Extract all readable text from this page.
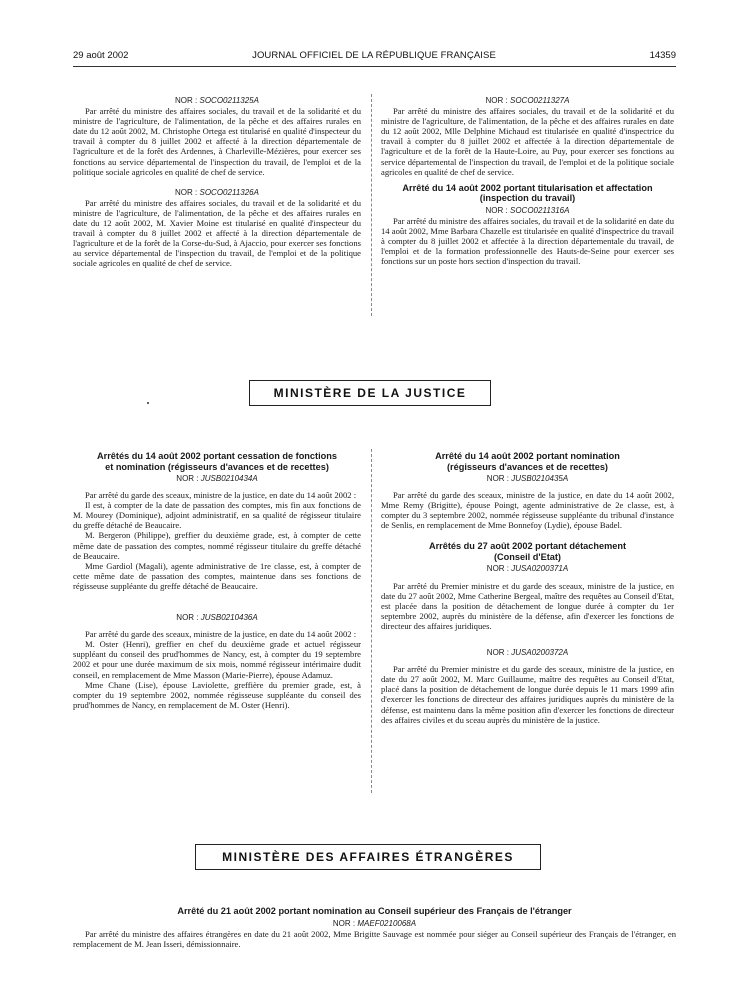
29 août 2002	JOURNAL OFFICIEL DE LA RÉPUBLIQUE FRANÇAISE	14359

NOR : SOCO0211325A

Par arrêté du ministre des affaires sociales, du travail et de la solidarité et du ministre de l'agriculture, de l'alimentation, de la pêche et des affaires rurales en date du 12 août 2002, M. Christophe Ortega est titularisé en qualité d'inspecteur du travail à compter du 8 juillet 2002 et affecté à la direction départementale de l'agriculture et de la forêt des Ardennes, à Charleville-Mézières, pour exercer ses fonctions au service départemental de l'inspection du travail, de l'emploi et de la politique sociale agricoles en qualité de chef de service.

NOR : SOCO0211326A

Par arrêté du ministre des affaires sociales, du travail et de la solidarité et du ministre de l'agriculture, de l'alimentation, de la pêche et des affaires rurales en date du 12 août 2002, M. Xavier Moine est titularisé en qualité d'inspecteur du travail à compter du 8 juillet 2002 et affecté à la direction départementale de l'agriculture et de la forêt de la Corse-du-Sud, à Ajaccio, pour exercer ses fonctions au service départemental de l'inspection du travail, de l'emploi et de la politique sociale agricoles en qualité de chef de service.

NOR : SOCO0211327A

Par arrêté du ministre des affaires sociales, du travail et de la solidarité et du ministre de l'agriculture, de l'alimentation, de la pêche et des affaires rurales en date du 12 août 2002, Mlle Delphine Michaud est titularisée en qualité d'inspectrice du travail à compter du 8 juillet 2002 et affectée à la direction départementale de l'agriculture et de la forêt de la Haute-Loire, au Puy, pour exercer ses fonctions au service départemental de l'inspection du travail, de l'emploi et de la politique sociale agricoles en qualité de chef de service.

Arrêté du 14 août 2002 portant titularisation et affectation
(inspection du travail)

NOR : SOCO0211316A

Par arrêté du ministre des affaires sociales, du travail et de la solidarité en date du 14 août 2002, Mme Barbara Chazelle est titularisée en qualité d'inspectrice du travail à compter du 8 juillet 2002 et affectée à la direction départementale du travail, de l'emploi et de la formation professionnelle des Hauts-de-Seine pour exercer ses fonctions sur un poste hors section d'inspection du travail.

MINISTÈRE DE LA JUSTICE
Arrêtés du 14 août 2002 portant cessation de fonctions
et nomination (régisseurs d'avances et de recettes)

NOR : JUSB0210434A

Par arrêté du garde des sceaux, ministre de la justice, en date du 14 août 2002 :

Il est, à compter de la date de passation des comptes, mis fin aux fonctions de M. Mourey (Dominique), adjoint administratif, en sa qualité de régisseur titulaire du greffe détaché de Beaucaire.

M. Bergeron (Philippe), greffier du deuxième grade, est, à compter de cette même date de passation des comptes, nommé régisseur titulaire du greffe détaché de Beaucaire.

Mme Gardiol (Magali), agente administrative de 1re classe, est, à compter de cette même date de passation des comptes, maintenue dans ses fonctions de régisseuse suppléante du greffe détaché de Beaucaire.

NOR : JUSB0210436A

Par arrêté du garde des sceaux, ministre de la justice, en date du 14 août 2002 :

M. Oster (Henri), greffier en chef du deuxième grade et actuel régisseur suppléant du conseil des prud'hommes de Nancy, est, à compter du 19 septembre 2002 et pour une durée maximum de six mois, nommé régisseur intérimaire dudit conseil, en remplacement de Mme Masson (Marie-Pierre), épouse Adamuz.

Mme Chane (Lise), épouse Laviolette, greffière du premier grade, est, à compter du 19 septembre 2002, nommée régisseuse suppléante du conseil des prud'hommes de Nancy, en remplacement de M. Oster (Henri).

Arrêté du 14 août 2002 portant nomination
(régisseurs d'avances et de recettes)

NOR : JUSB0210435A

Par arrêté du garde des sceaux, ministre de la justice, en date du 14 août 2002, Mme Remy (Brigitte), épouse Poingt, agente administrative de 2e classe, est, à compter du 3 septembre 2002, nommée régisseuse suppléante du tribunal d'instance de Senlis, en remplacement de Mme Bonnefoy (Lydie), épouse Badel.

Arrêtés du 27 août 2002 portant détachement
(Conseil d'Etat)

NOR : JUSA0200371A

Par arrêté du Premier ministre et du garde des sceaux, ministre de la justice, en date du 27 août 2002, Mme Catherine Bergeal, maître des requêtes au Conseil d'Etat, est placée dans la position de détachement de longue durée à compter du 1er septembre 2002, auprès du ministère de la défense, afin d'exercer les fonctions de directeur des affaires juridiques.

NOR : JUSA0200372A

Par arrêté du Premier ministre et du garde des sceaux, ministre de la justice, en date du 27 août 2002, M. Marc Guillaume, maître des requêtes au Conseil d'Etat, placé dans la position de détachement de longue durée depuis le 11 mars 1999 afin d'exercer les fonctions de directeur des affaires juridiques auprès du ministère de la défense, est maintenu dans la même position afin d'exercer les fonctions de directeur des affaires civiles et du sceau auprès du ministère de la justice.

MINISTÈRE DES AFFAIRES ÉTRANGÈRES
Arrêté du 21 août 2002 portant nomination au Conseil supérieur des Français de l'étranger

NOR : MAEF0210068A

Par arrêté du ministre des affaires étrangères en date du 21 août 2002, Mme Brigitte Sauvage est nommée pour siéger au Conseil supérieur des Français de l'étranger, en remplacement de M. Jean Isseri, démissionnaire.
